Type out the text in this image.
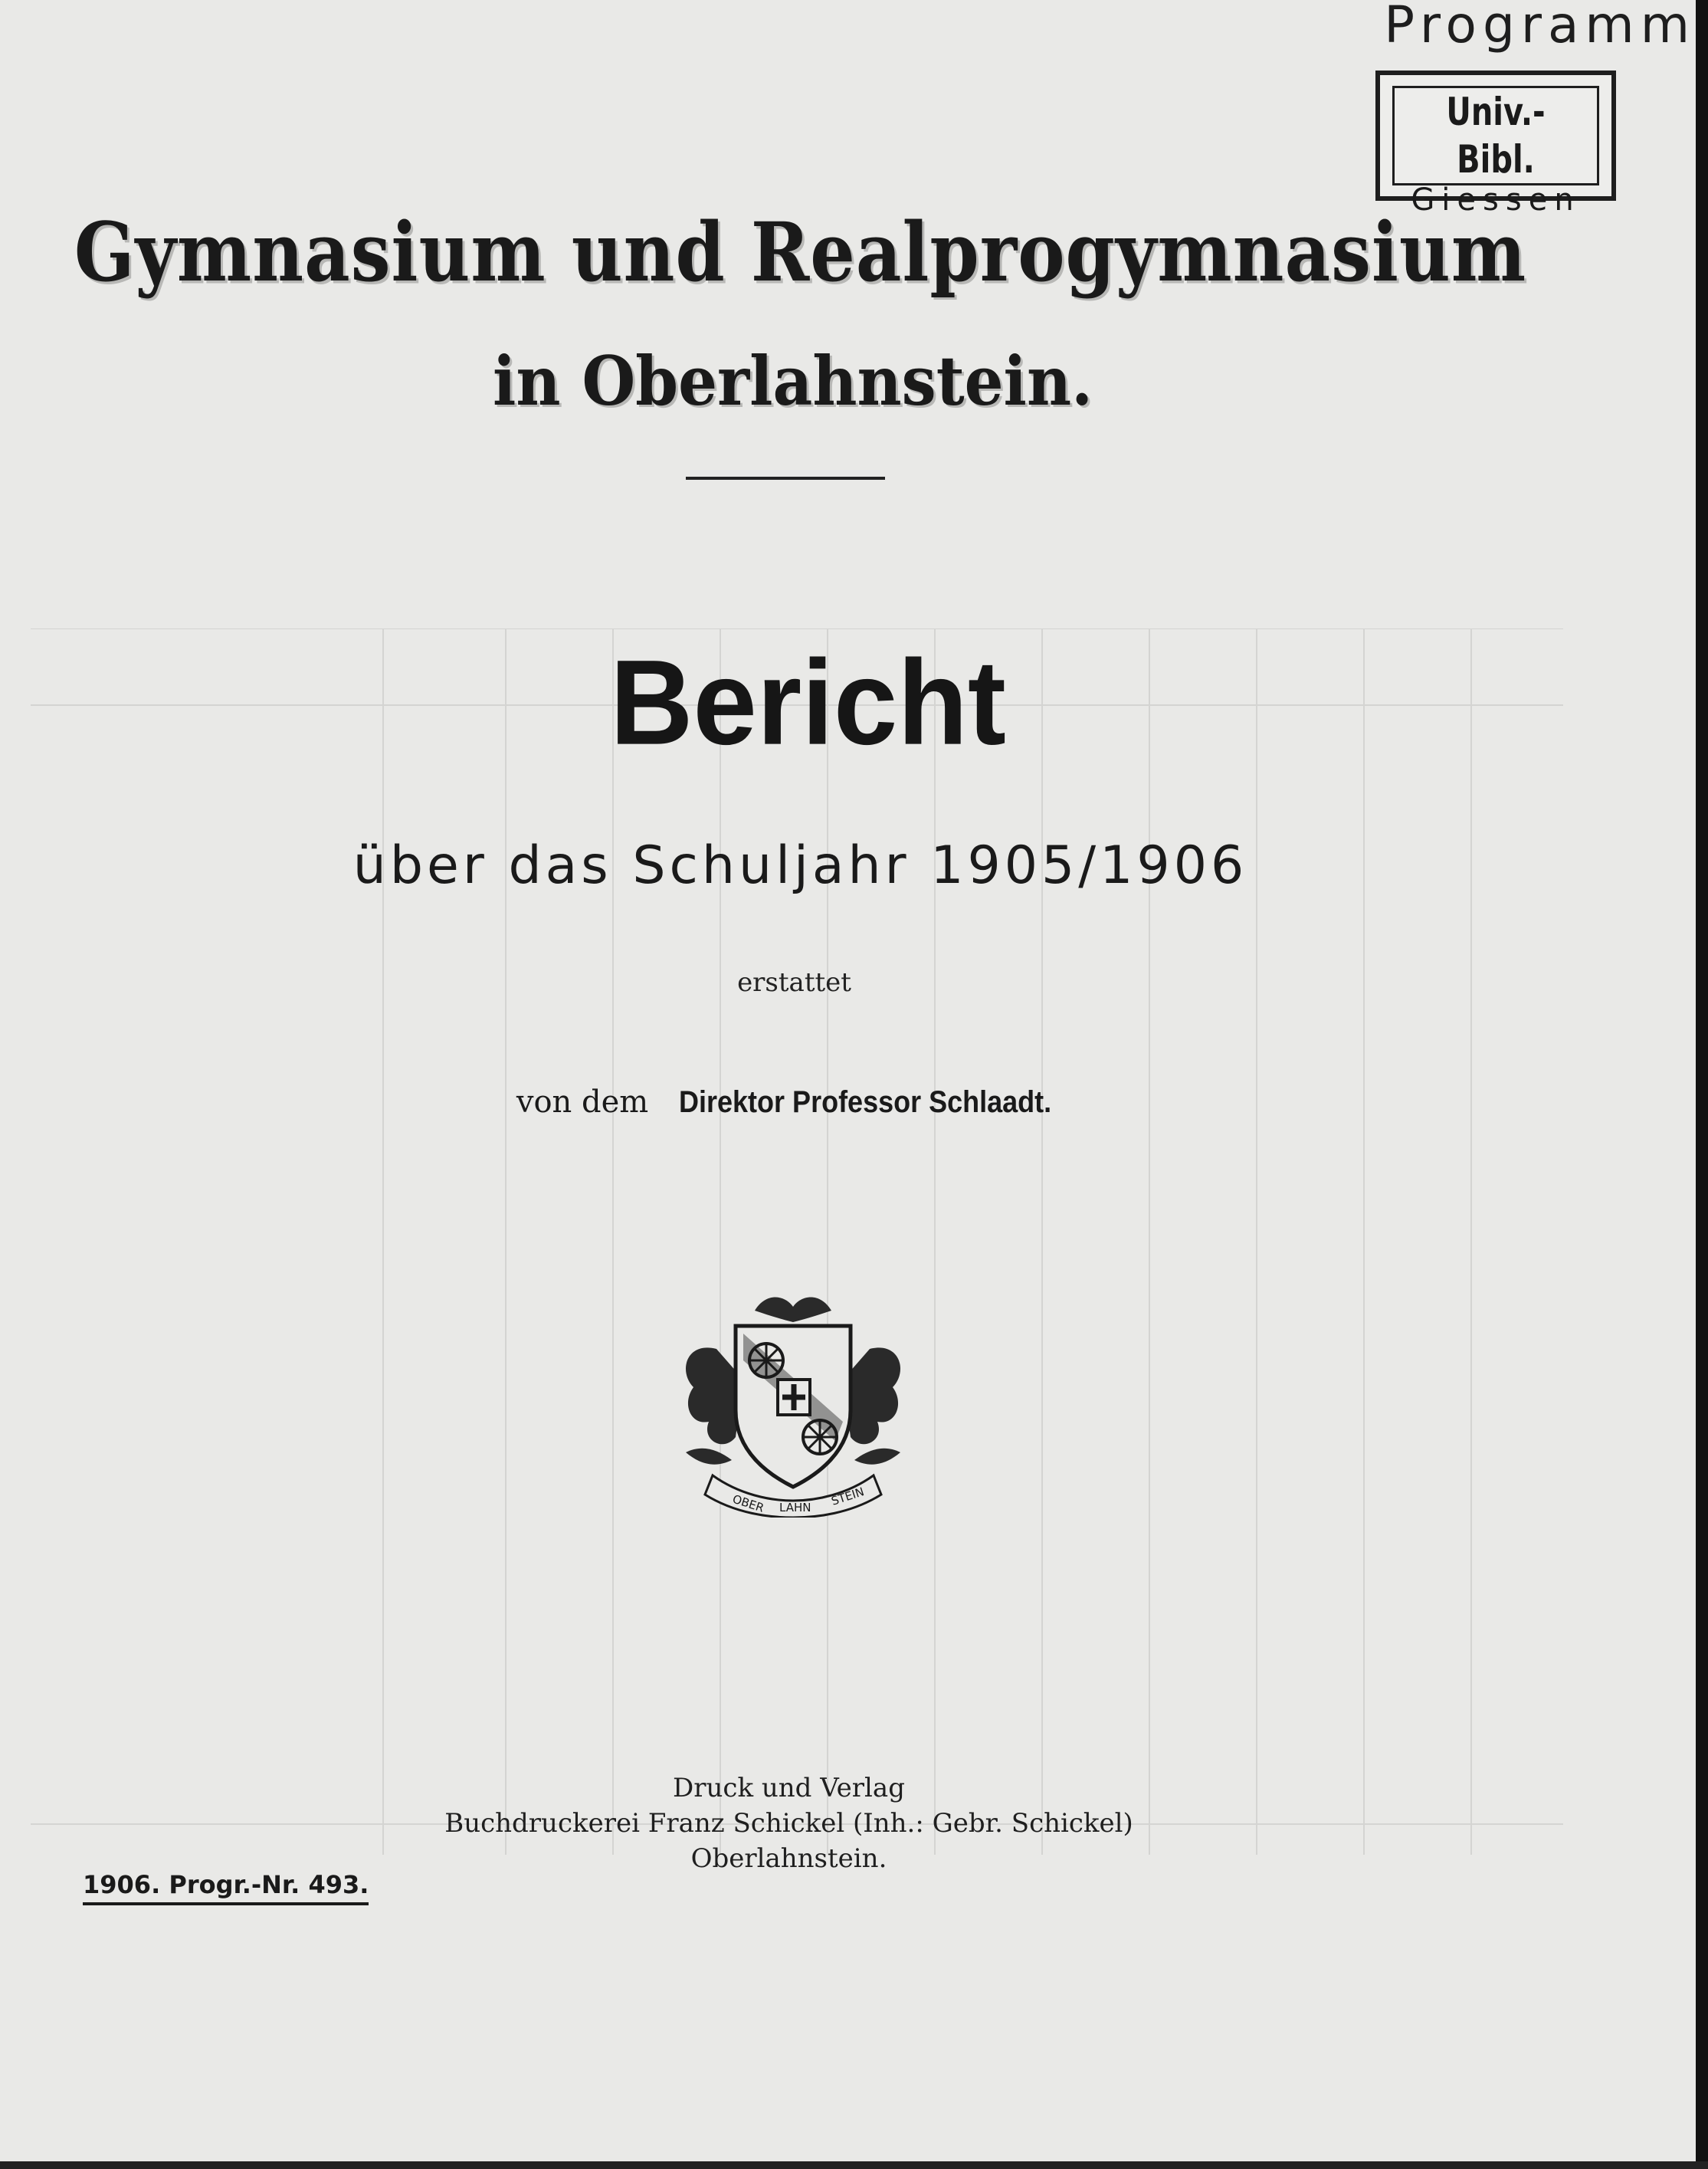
Programm
Univ.-Bibl.
Giessen
Gymnasium und Realprogymnasium
in Oberlahnstein.
Bericht
über das Schuljahr 1905/1906
erstattet
von dem Direktor Professor Schlaadt.
OBER LAHN STEIN
Druck und Verlag
Buchdruckerei Franz Schickel (Inh.: Gebr. Schickel)
Oberlahnstein.
1906. Progr.-Nr. 493.
